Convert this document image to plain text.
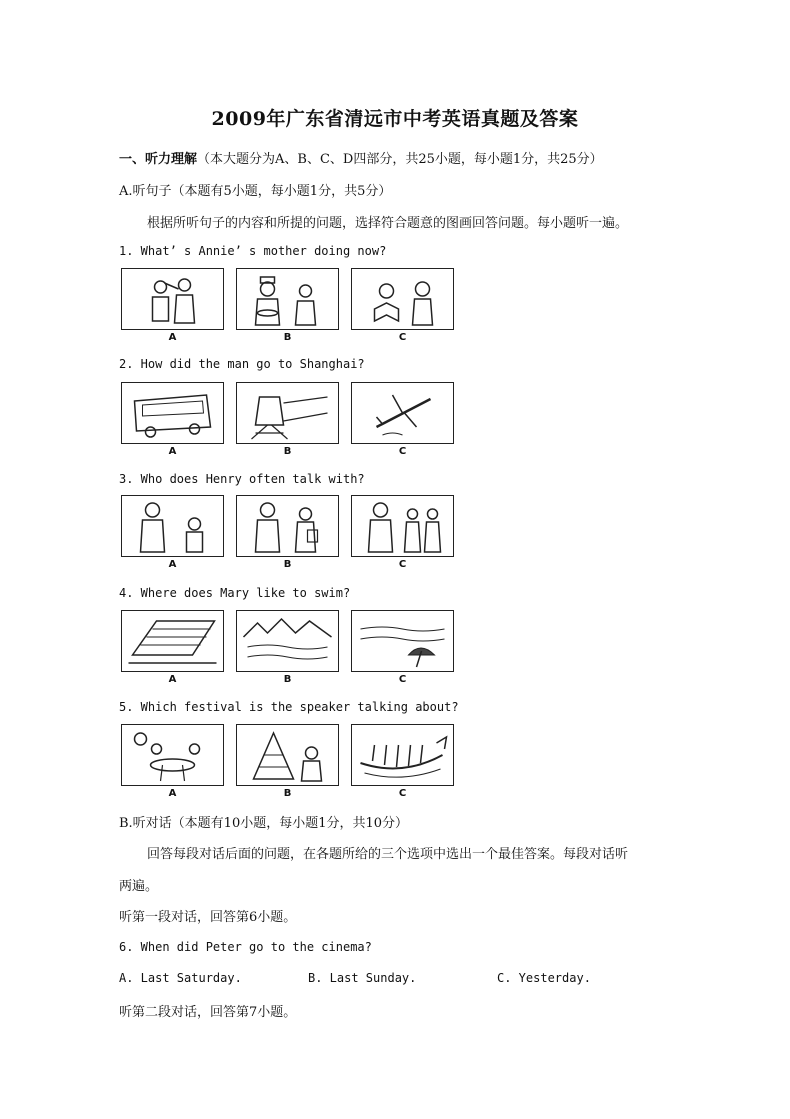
2009年广东省清远市中考英语真题及答案
一、听力理解（本大题分为A、B、C、D四部分，共25小题，每小题1分，共25分）
A.听句子（本题有5小题，每小题1分，共5分）
根据所听句子的内容和所提的问题，选择符合题意的图画回答问题。每小题听一遍。
1. What’ s Annie’ s mother doing now?
A	B	C
2. How did the man go to Shanghai?
A	B	C
3. Who does Henry often talk with?
A	B	C
4. Where does Mary like to swim?
A	B	C
5. Which festival is the speaker talking about?
A	B	C
B.听对话（本题有10小题，每小题1分，共10分）
回答每段对话后面的问题，在各题所给的三个选项中选出一个最佳答案。每段对话听
两遍。
听第一段对话，回答第6小题。
6. When did Peter go to the cinema?
A. Last Saturday.	B. Last Sunday.	C. Yesterday.
听第二段对话，回答第7小题。
